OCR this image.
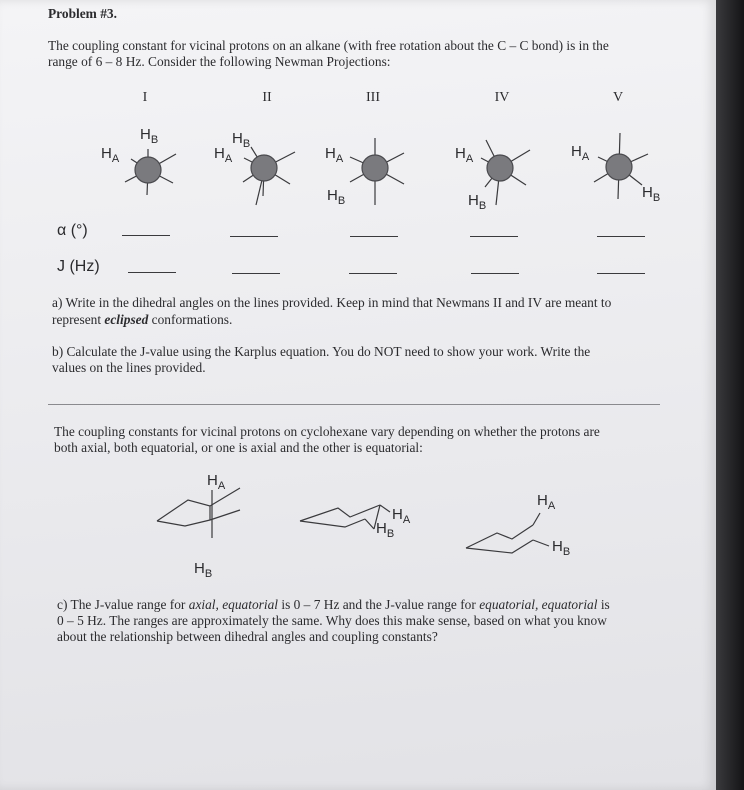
Problem #3.
The coupling constant for vicinal protons on an alkane (with free rotation about the C – C bond) is in the
range of 6 – 8 Hz. Consider the following Newman Projections:
I	II	III	IV	V
$H_B$
$H_A$
$H_B$
$H_A$	$H_A$
$H_B$
$H_A$
$H_B$
$H_A$
$H_B$
α (°)
J (Hz)
a) Write in the dihedral angles on the lines provided. Keep in mind that Newmans II and IV are meant to
represent eclipsed conformations.
b) Calculate the J-value using the Karplus equation. You do NOT need to show your work. Write the
values on the lines provided.
The coupling constants for vicinal protons on cyclohexane vary depending on whether the protons are
both axial, both equatorial, or one is axial and the other is equatorial:
$H_A$
$H_B$
$H_A$
$H_B$
$H_A$
$H_B$
c) The J-value range for axial, equatorial is 0 – 7 Hz and the J-value range for equatorial, equatorial is
0 – 5 Hz. The ranges are approximately the same. Why does this make sense, based on what you know
about the relationship between dihedral angles and coupling constants?
